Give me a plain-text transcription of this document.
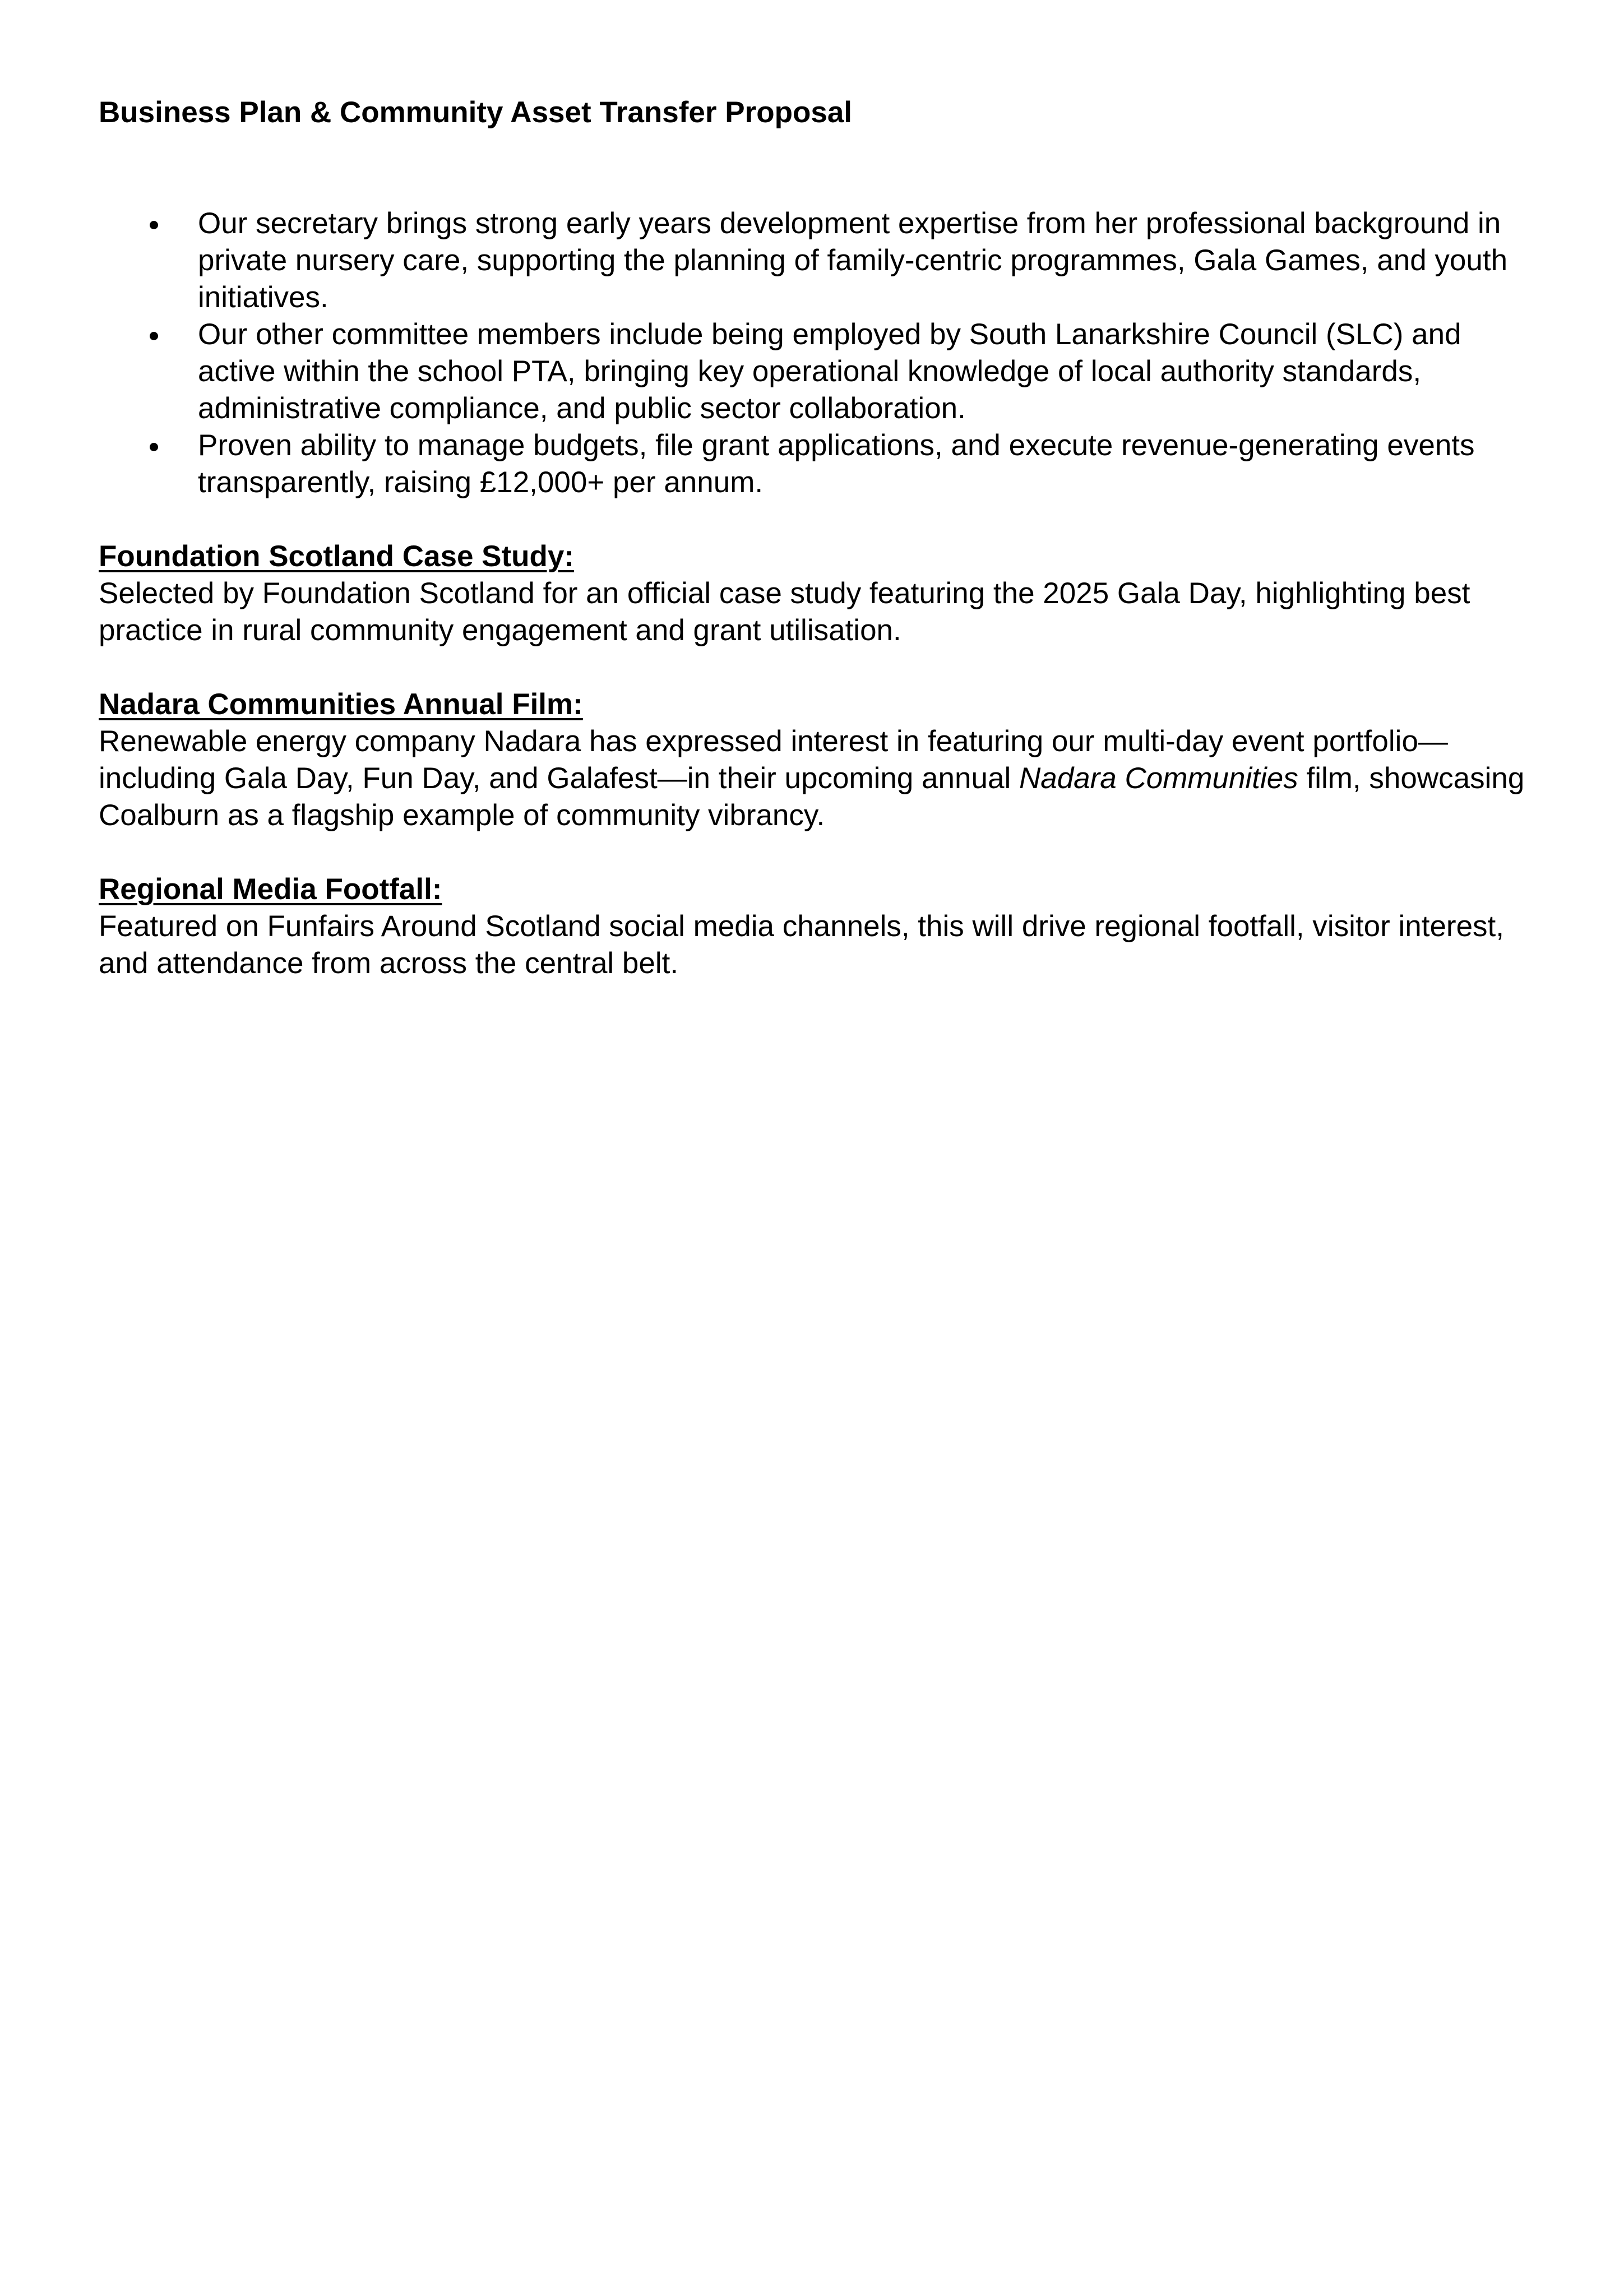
Business Plan & Community Asset Transfer Proposal
Our secretary brings strong early years development expertise from her professional background in private nursery care, supporting the planning of family-centric programmes, Gala Games, and youth initiatives.
Our other committee members include being employed by South Lanarkshire Council (SLC) and active within the school PTA, bringing key operational knowledge of local authority standards, administrative compliance, and public sector collaboration.
Proven ability to manage budgets, file grant applications, and execute revenue-generating events transparently, raising £12,000+ per annum.
Foundation Scotland Case Study:

Selected by Foundation Scotland for an official case study featuring the 2025 Gala Day, highlighting best practice in rural community engagement and grant utilisation.

Nadara Communities Annual Film:

Renewable energy company Nadara has expressed interest in featuring our multi-day event portfolio—including Gala Day, Fun Day, and Galafest—in their upcoming annual Nadara Communities film, showcasing Coalburn as a flagship example of community vibrancy.

Regional Media Footfall:

Featured on Funfairs Around Scotland social media channels, this will drive regional footfall, visitor interest, and attendance from across the central belt.
